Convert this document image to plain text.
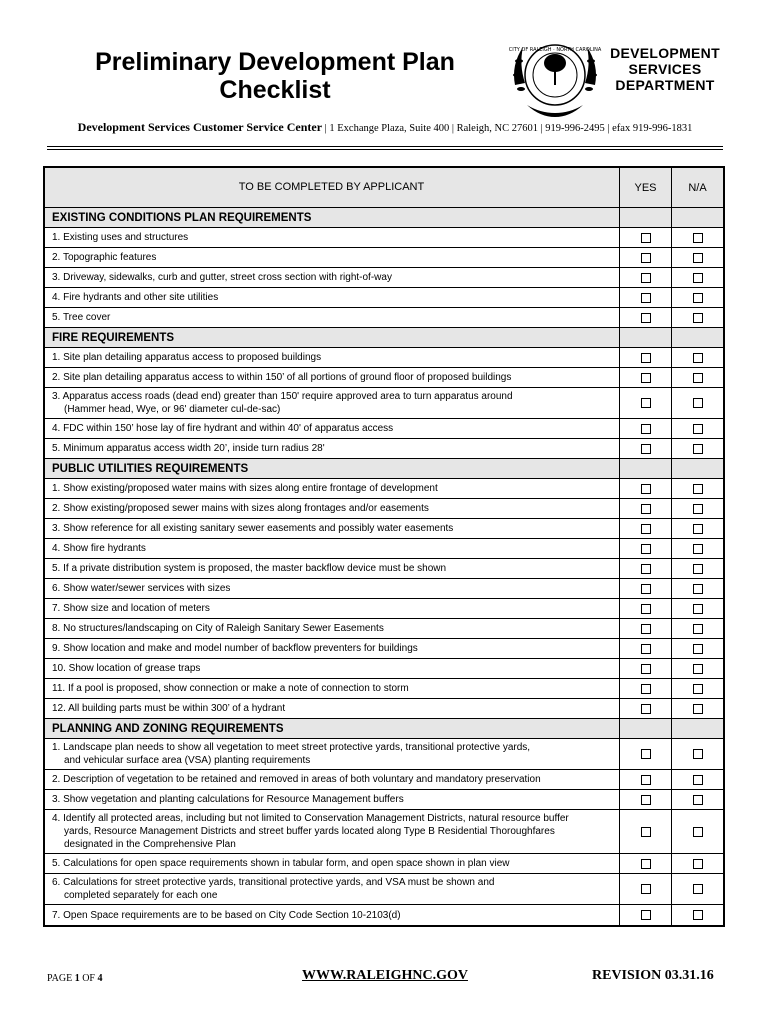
Preliminary Development Plan
Checklist
CITY OF RALEIGH · NORTH CAROLINA DEVELOPMENT
SERVICES
DEPARTMENT
Development Services Customer Service Center | 1 Exchange Plaza, Suite 400 | Raleigh, NC 27601 | 919-996-2495 | efax 919-996-1831
TO BE COMPLETED BY APPLICANT	YES	N/A
EXISTING CONDITIONS PLAN REQUIREMENTS
1. Existing uses and structures
2. Topographic features
3. Driveway, sidewalks, curb and gutter, street cross section with right-of-way
4. Fire hydrants and other site utilities
5. Tree cover
FIRE REQUIREMENTS
1. Site plan detailing apparatus access to proposed buildings
2. Site plan detailing apparatus access to within 150’ of all portions of ground floor of proposed buildings
3. Apparatus access roads (dead end) greater than 150' require approved area to turn apparatus around
(Hammer head, Wye, or 96' diameter cul-de-sac)
4. FDC within 150’ hose lay of fire hydrant and within 40' of apparatus access
5. Minimum apparatus access width 20’, inside turn radius 28'
PUBLIC UTILITIES REQUIREMENTS
1. Show existing/proposed water mains with sizes along entire frontage of development
2. Show existing/proposed sewer mains with sizes along frontages and/or easements
3. Show reference for all existing sanitary sewer easements and possibly water easements
4. Show fire hydrants
5. If a private distribution system is proposed, the master backflow device must be shown
6. Show water/sewer services with sizes
7. Show size and location of meters
8. No structures/landscaping on City of Raleigh Sanitary Sewer Easements
9. Show location and make and model number of backflow preventers for buildings
10. Show location of grease traps
11. If a pool is proposed, show connection or make a note of connection to storm
12. All building parts must be within 300’ of a hydrant
PLANNING AND ZONING REQUIREMENTS
1. Landscape plan needs to show all vegetation to meet street protective yards, transitional protective yards,
and vehicular surface area (VSA) planting requirements
2. Description of vegetation to be retained and removed in areas of both voluntary and mandatory preservation
3. Show vegetation and planting calculations for Resource Management buffers
4. Identify all protected areas, including but not limited to Conservation Management Districts, natural resource buffer
yards, Resource Management Districts and street buffer yards located along Type B Residential Thoroughfares
designated in the Comprehensive Plan
5. Calculations for open space requirements shown in tabular form, and open space shown in plan view
6. Calculations for street protective yards, transitional protective yards, and VSA must be shown and
completed separately for each one
7. Open Space requirements are to be based on City Code Section 10-2103(d)
PAGE 1 OF 4	WWW.RALEIGHNC.GOV	REVISION 03.31.16
